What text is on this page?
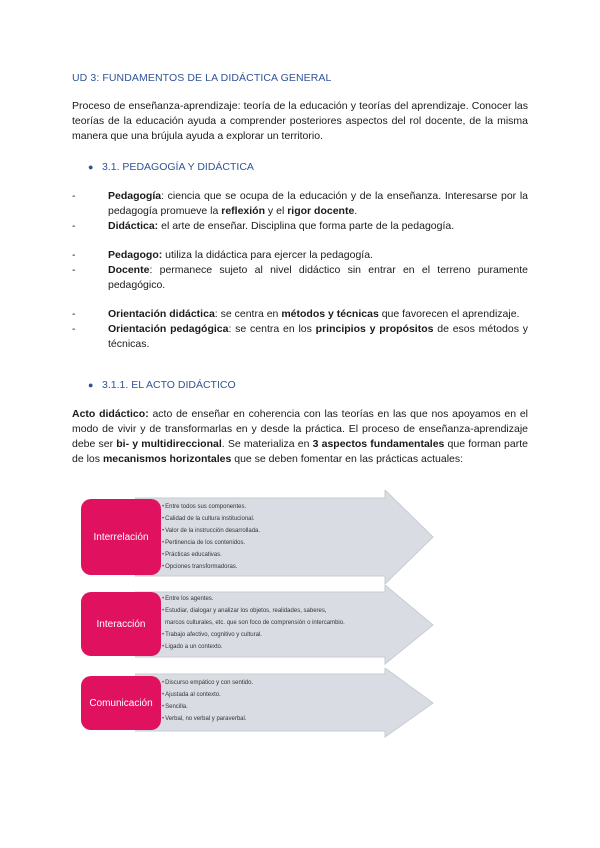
UD 3: FUNDAMENTOS DE LA DIDÁCTICA GENERAL

Proceso de enseñanza-aprendizaje: teoría de la educación y teorías del aprendizaje. Conocer las teorías de la educación ayuda a comprender posteriores aspectos del rol docente, de la misma manera que una brújula ayuda a explorar un territorio.

● 3.1. PEDAGOGÍA Y DIDÁCTICA
-	Pedagogía: ciencia que se ocupa de la educación y de la enseñanza. Interesarse por la pedagogía promueve la reflexión y el rigor docente.
-	Didáctica: el arte de enseñar. Disciplina que forma parte de la pedagogía.
-	Pedagogo: utiliza la didáctica para ejercer la pedagogía.
-	Docente: permanece sujeto al nivel didáctico sin entrar en el terreno puramente pedagógico.
-	Orientación didáctica: se centra en métodos y técnicas que favorecen el aprendizaje.
-	Orientación pedagógica: se centra en los principios y propósitos de esos métodos y técnicas.
● 3.1.1. EL ACTO DIDÁCTICO

Acto didáctico: acto de enseñar en coherencia con las teorías en las que nos apoyamos en el modo de vivir y de transformarlas en y desde la práctica. El proceso de enseñanza-aprendizaje debe ser bi- y multidireccional. Se materializa en 3 aspectos fundamentales que forman parte de los mecanismos horizontales que se deben fomentar en las prácticas actuales:

Interrelación
• Entre todos sus componentes.
• Calidad de la cultura institucional.
• Valor de la instrucción desarrollada.
• Pertinencia de los contenidos.
• Prácticas educativas.
• Opciones transformadoras.
Interacción
• Entre los agentes.
• Estudiar, dialogar y analizar los objetos, realidades, saberes,
marcos culturales, etc. que son foco de comprensión o intercambio.
• Trabajo afectivo, cognitivo y cultural.
• Ligado a un contexto.
Comunicación
• Discurso empático y con sentido.
• Ajustada al contexto.
• Sencilla.
• Verbal, no verbal y paraverbal.
